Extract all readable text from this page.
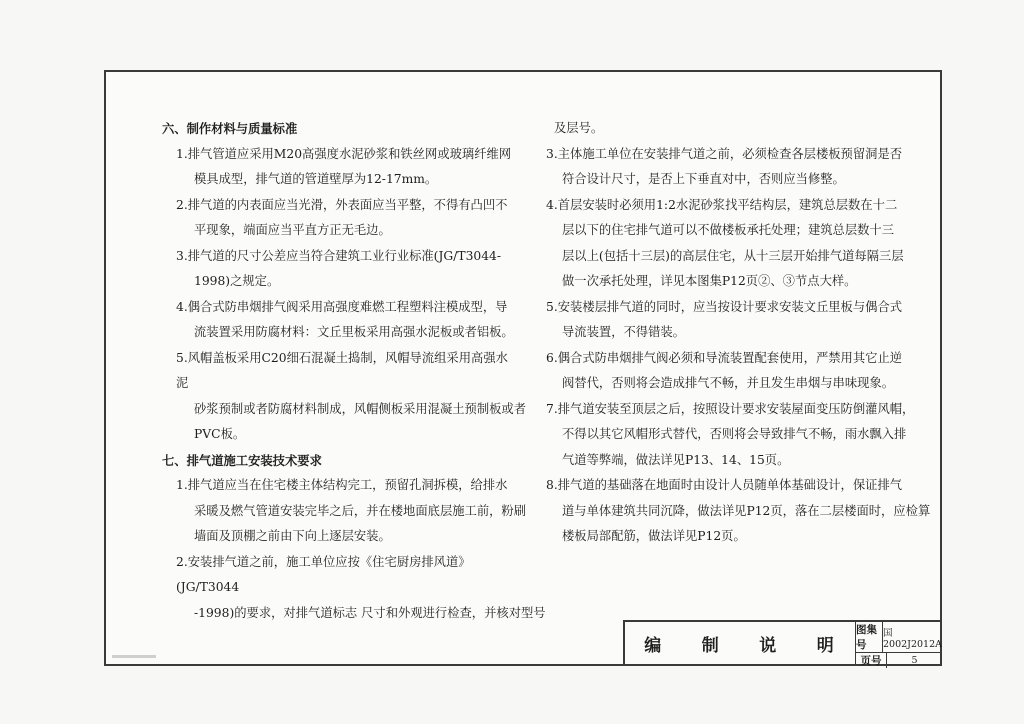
六、制作材料与质量标准

1.排气管道应采用M20高强度水泥砂浆和铁丝网或玻璃纤维网

模具成型，排气道的管道壁厚为12-17mm。

2.排气道的内表面应当光滑，外表面应当平整，不得有凸凹不

平现象，端面应当平直方正无毛边。

3.排气道的尺寸公差应当符合建筑工业行业标准(JG/T3044-

1998)之规定。

4.偶合式防串烟排气阀采用高强度难燃工程塑料注模成型，导

流装置采用防腐材料：文丘里板采用高强水泥板或者铝板。

5.风帽盖板采用C20细石混凝土捣制，风帽导流组采用高强水泥

砂浆预制或者防腐材料制成，风帽侧板采用混凝土预制板或者

PVC板。

七、排气道施工安装技术要求

1.排气道应当在住宅楼主体结构完工，预留孔洞拆模，给排水

采暖及燃气管道安装完毕之后，并在楼地面底层施工前，粉刷

墙面及顶棚之前由下向上逐层安装。

2.安装排气道之前，施工单位应按《住宅厨房排风道》(JG/T3044

-1998)的要求，对排气道标志 尺寸和外观进行检查，并核对型号

及层号。

3.主体施工单位在安装排气道之前，必须检查各层楼板预留洞是否

符合设计尺寸，是否上下垂直对中，否则应当修整。

4.首层安装时必须用1:2水泥砂浆找平结构层，建筑总层数在十二

层以下的住宅排气道可以不做楼板承托处理；建筑总层数十三

层以上(包括十三层)的高层住宅，从十三层开始排气道每隔三层

做一次承托处理，详见本图集P12页②、③节点大样。

5.安装楼层排气道的同时，应当按设计要求安装文丘里板与偶合式

导流装置，不得错装。

6.偶合式防串烟排气阀必须和导流装置配套使用，严禁用其它止逆

阀替代，否则将会造成排气不畅，并且发生串烟与串味现象。

7.排气道安装至顶层之后，按照设计要求安装屋面变压防倒灌风帽，

不得以其它风帽形式替代，否则将会导致排气不畅，雨水飘入排

气道等弊端，做法详见P13、14、15页。

8.排气道的基础落在地面时由设计人员随单体基础设计，保证排气

道与单体建筑共同沉降，做法详见P12页，落在二层楼面时，应检算

楼板局部配筋，做法详见P12页。

编 制 说 明
图集号
国2002J2012A
页号	5
